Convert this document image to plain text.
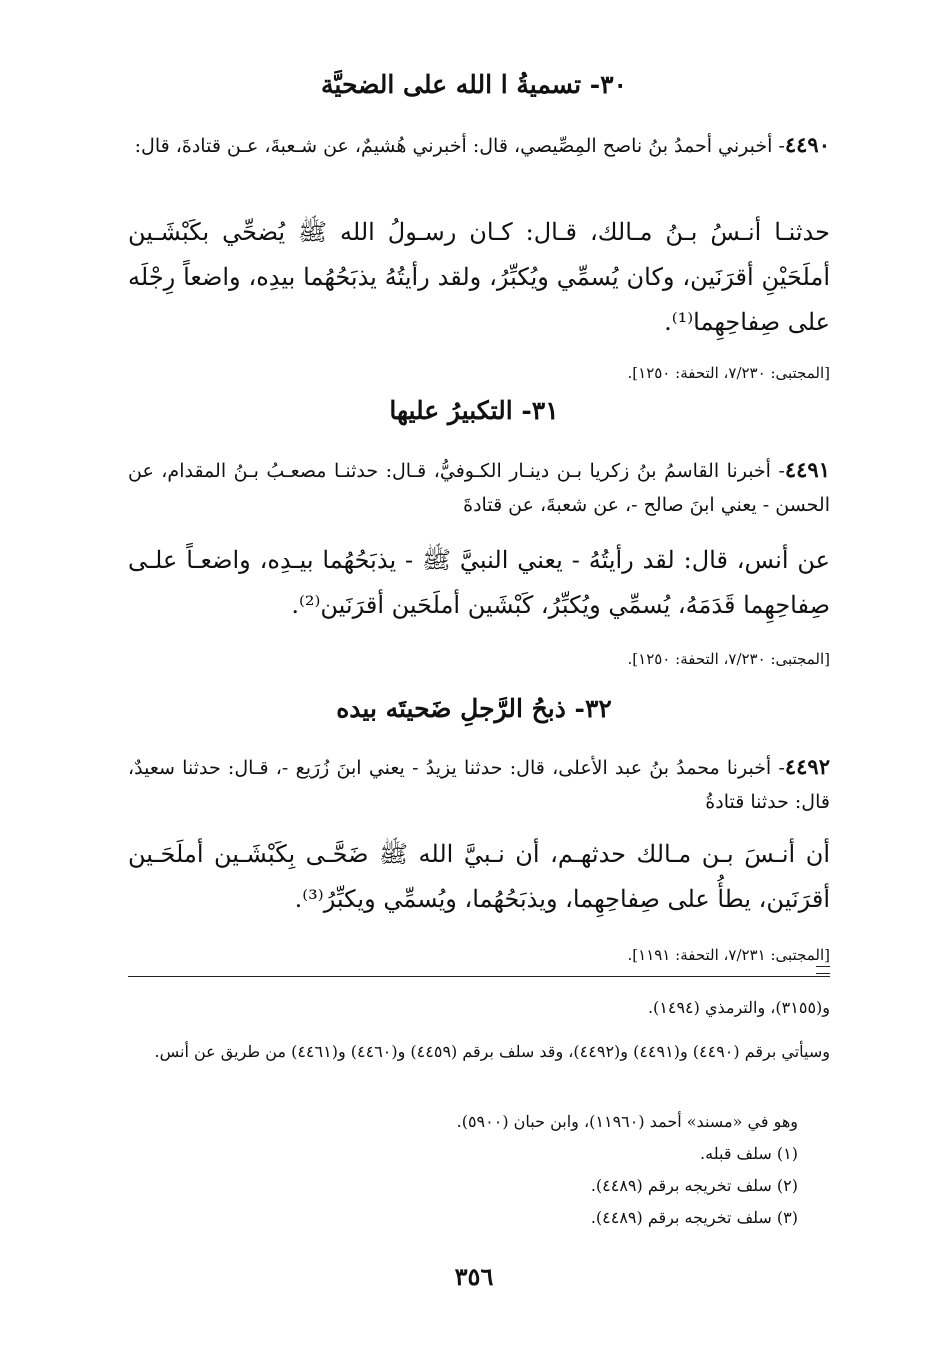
٣٠- تسميةُ ا الله على الضحيَّة
٤٤٩٠- أخبرني أحمدُ بنُ ناصح المِصِّيصي، قال: أخبرني هُشيمٌ، عن شـعبةَ، عـن قتادةَ، قال:
حدثنـا أنـسُ بـنُ مـالك، قـال: كـان رسـولُ الله ﷺ يُضحِّي بكَبْشَـين أملَحَيْنِ أقرَنَين، وكان يُسمِّي ويُكبِّرُ، ولقد رأيتُهُ يذبَحُهُما بيدِه، واضعاً رِجْلَه على صِفاحِهِما⁽¹⁾.
[المجتبى: ٧/٢٣٠، التحفة: ١٢٥٠].
٣١- التكبيرُ عليها
٤٤٩١- أخبرنا القاسمُ بنُ زكريا بـن دينـار الكـوفيُّ، قـال: حدثنـا مصعـبُ بـنُ المقدام، عن الحسن - يعني ابنَ صالح -، عن شعبةَ، عن قتادةَ
عن أنس، قال: لقد رأيتُهُ - يعني النبيَّ ﷺ - يذبَحُهُما بيـدِه، واضعـاً علـى صِفاحِهِما قَدَمَهُ، يُسمِّي ويُكبِّرُ، كَبْشَين أملَحَين أقرَنَين⁽²⁾.
[المجتبى: ٧/٢٣٠، التحفة: ١٢٥٠].
٣٢- ذبحُ الرَّجلِ ضَحيتَه بيده
٤٤٩٢- أخبرنا محمدُ بنُ عبد الأعلى، قال: حدثنا يزيدُ - يعني ابنَ زُرَيع -، قـال: حدثنا سعيدٌ، قال: حدثنا قتادةُ
أن أنـسَ بـن مـالك حدثهـم، أن نـبيَّ الله ﷺ ضَحَّـى بِكَبْشَـين أملَحَـين أقرَنَين، يطأُ على صِفاحِهِما، ويذبَحُهُما، ويُسمِّي ويكبِّرُ⁽³⁾.
[المجتبى: ٧/٢٣١، التحفة: ١١٩١].
و(٣١٥٥)، والترمذي (١٤٩٤).
وسيأتي برقم (٤٤٩٠) و(٤٤٩١) و(٤٤٩٢)، وقد سلف برقم (٤٤٥٩) و(٤٤٦٠) و(٤٤٦١) من طريق عن أنس.
وهو في «مسند» أحمد (١١٩٦٠)، وابن حبان (٥٩٠٠).
(١) سلف قبله.
(٢) سلف تخريجه برقم (٤٤٨٩).
(٣) سلف تخريجه برقم (٤٤٨٩).
٣٥٦
